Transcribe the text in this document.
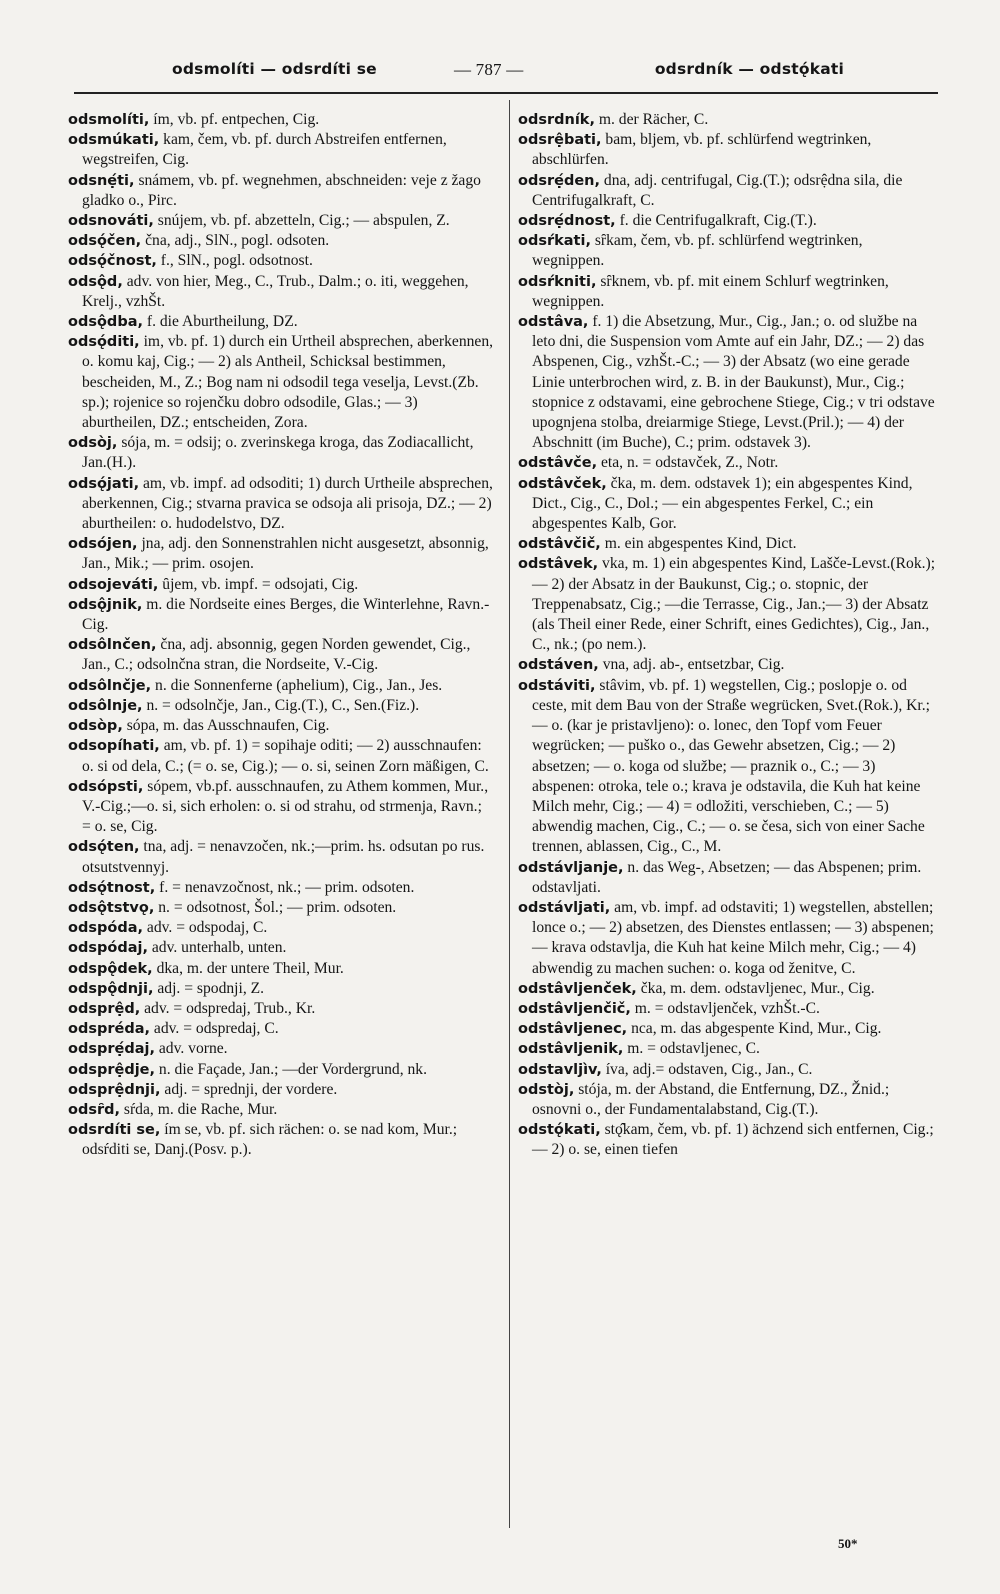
odsmolíti — odsrdíti se	— 787 —	odsrdník — odstǫ́kati

odsmolíti, ím, vb. pf. entpechen, Cig.

odsmúkati, kam, čem, vb. pf. durch Abstreifen entfernen, wegstreifen, Cig.

odsnẹ́ti, snámem, vb. pf. wegnehmen, abschneiden: veje z žago gladko o., Pirc.

odsnováti, snújem, vb. pf. abzetteln, Cig.; — abspulen, Z.

odsǫ́čen, čna, adj., SlN., pogl. odsoten.

odsǫ́čnost, f., SlN., pogl. odsotnost.

odsǫ̂d, adv. von hier, Meg., C., Trub., Dalm.; o. iti, weggehen, Krelj., vzhŠt.

odsǫ̂dba, f. die Aburtheilung, DZ.

odsǫ́diti, im, vb. pf. 1) durch ein Urtheil absprechen, aberkennen, o. komu kaj, Cig.; — 2) als Antheil, Schicksal bestimmen, bescheiden, M., Z.; Bog nam ni odsodil tega veselja, Levst.(Zb. sp.); rojenice so rojenčku dobro odsodile, Glas.; — 3) aburtheilen, DZ.; entscheiden, Zora.

odsòj, sója, m. = odsij; o. zverinskega kroga, das Zodiacallicht, Jan.(H.).

odsǫ́jati, am, vb. impf. ad odsoditi; 1) durch Urtheile absprechen, aberkennen, Cig.; stvarna pravica se odsoja ali prisoja, DZ.; — 2) aburtheilen: o. hudodelstvo, DZ.

odsójen, jna, adj. den Sonnenstrahlen nicht ausgesetzt, absonnig, Jan., Mik.; — prim. osojen.

odsojeváti, ȗjem, vb. impf. = odsojati, Cig.

odsǫ̂jnik, m. die Nordseite eines Berges, die Winterlehne, Ravn.-Cig.

odsôlnčen, čna, adj. absonnig, gegen Norden gewendet, Cig., Jan., C.; odsolnčna stran, die Nordseite, V.-Cig.

odsôlnčje, n. die Sonnenferne (aphelium), Cig., Jan., Jes.

odsôlnje, n. = odsolnčje, Jan., Cig.(T.), C., Sen.(Fiz.).

odsòp, sópa, m. das Ausschnaufen, Cig.

odsopíhati, am, vb. pf. 1) = sopihaje oditi; — 2) ausschnaufen: o. si od dela, C.; (= o. se, Cig.); — o. si, seinen Zorn mäßigen, C.

odsópsti, sópem, vb.pf. ausschnaufen, zu Athem kommen, Mur., V.-Cig.;—o. si, sich erholen: o. si od strahu, od strmenja, Ravn.; = o. se, Cig.

odsǫ́ten, tna, adj. = nenavzočen, nk.;—prim. hs. odsutan po rus. otsutstvennyj.

odsǫ́tnost, f. = nenavzočnost, nk.; — prim. odsoten.

odsǫ̂tstvǫ, n. = odsotnost, Šol.; — prim. odsoten.

odspóda, adv. = odspodaj, C.

odspódaj, adv. unterhalb, unten.

odspǫ̂dek, dka, m. der untere Theil, Mur.

odspǫ̂dnji, adj. = spodnji, Z.

odsprệd, adv. = odspredaj, Trub., Kr.

odspréda, adv. = odspredaj, C.

odsprẹ́daj, adv. vorne.

odsprệdje, n. die Façade, Jan.; —der Vordergrund, nk.

odsprệdnji, adj. = sprednji, der vordere.

odsȓd, sŕda, m. die Rache, Mur.

odsrdíti se, ím se, vb. pf. sich rächen: o. se nad kom, Mur.; odsŕditi se, Danj.(Posv. p.).

odsrdník, m. der Rächer, C.

odsrệbati, bam, bljem, vb. pf. schlürfend wegtrinken, abschlürfen.

odsrẹ́den, dna, adj. centrifugal, Cig.(T.); odsrệdna sila, die Centrifugalkraft, C.

odsrẹ́dnost, f. die Centrifugalkraft, Cig.(T.).

odsŕkati, sȓkam, čem, vb. pf. schlürfend wegtrinken, wegnippen.

odsŕkniti, sȓknem, vb. pf. mit einem Schlurf wegtrinken, wegnippen.

odstâva, f. 1) die Absetzung, Mur., Cig., Jan.; o. od službe na leto dni, die Suspension vom Amte auf ein Jahr, DZ.; — 2) das Abspenen, Cig., vzhŠt.-C.; — 3) der Absatz (wo eine gerade Linie unterbrochen wird, z. B. in der Baukunst), Mur., Cig.; stopnice z odstavami, eine gebrochene Stiege, Cig.; v tri odstave upognjena stolba, dreiarmige Stiege, Levst.(Pril.); — 4) der Abschnitt (im Buche), C.; prim. odstavek 3).

odstâvče, eta, n. = odstavček, Z., Notr.

odstâvček, čka, m. dem. odstavek 1); ein abgespentes Kind, Dict., Cig., C., Dol.; — ein abgespentes Ferkel, C.; ein abgespentes Kalb, Gor.

odstâvčič, m. ein abgespentes Kind, Dict.

odstâvek, vka, m. 1) ein abgespentes Kind, Lašče-Levst.(Rok.); — 2) der Absatz in der Baukunst, Cig.; o. stopnic, der Treppenabsatz, Cig.; —die Terrasse, Cig., Jan.;— 3) der Absatz (als Theil einer Rede, einer Schrift, eines Gedichtes), Cig., Jan., C., nk.; (po nem.).

odstáven, vna, adj. ab-, entsetzbar, Cig.

odstáviti, stâvim, vb. pf. 1) wegstellen, Cig.; poslopje o. od ceste, mit dem Bau von der Straße wegrücken, Svet.(Rok.), Kr.; — o. (kar je pristavljeno): o. lonec, den Topf vom Feuer wegrücken; — puško o., das Gewehr absetzen, Cig.; — 2) absetzen; — o. koga od službe; — praznik o., C.; — 3) abspenen: otroka, tele o.; krava je odstavila, die Kuh hat keine Milch mehr, Cig.; — 4) = odložiti, verschieben, C.; — 5) abwendig machen, Cig., C.; — o. se česa, sich von einer Sache trennen, ablassen, Cig., C., M.

odstávljanje, n. das Weg-, Absetzen; — das Abspenen; prim. odstavljati.

odstávljati, am, vb. impf. ad odstaviti; 1) wegstellen, abstellen; lonce o.; — 2) absetzen, des Dienstes entlassen; — 3) abspenen; — krava odstavlja, die Kuh hat keine Milch mehr, Cig.; — 4) abwendig zu machen suchen: o. koga od ženitve, C.

odstâvljenček, čka, m. dem. odstavljenec, Mur., Cig.

odstâvljenčič, m. = odstavljenček, vzhŠt.-C.

odstâvljenec, nca, m. das abgespente Kind, Mur., Cig.

odstâvljenik, m. = odstavljenec, C.

odstavljìv, íva, adj.= odstaven, Cig., Jan., C.

odstòj, stója, m. der Abstand, die Entfernung, DZ., Žnid.; osnovni o., der Fundamentalabstand, Cig.(T.).

odstǫ́kati, stǫ̂kam, čem, vb. pf. 1) ächzend sich entfernen, Cig.; — 2) o. se, einen tiefen

50*
